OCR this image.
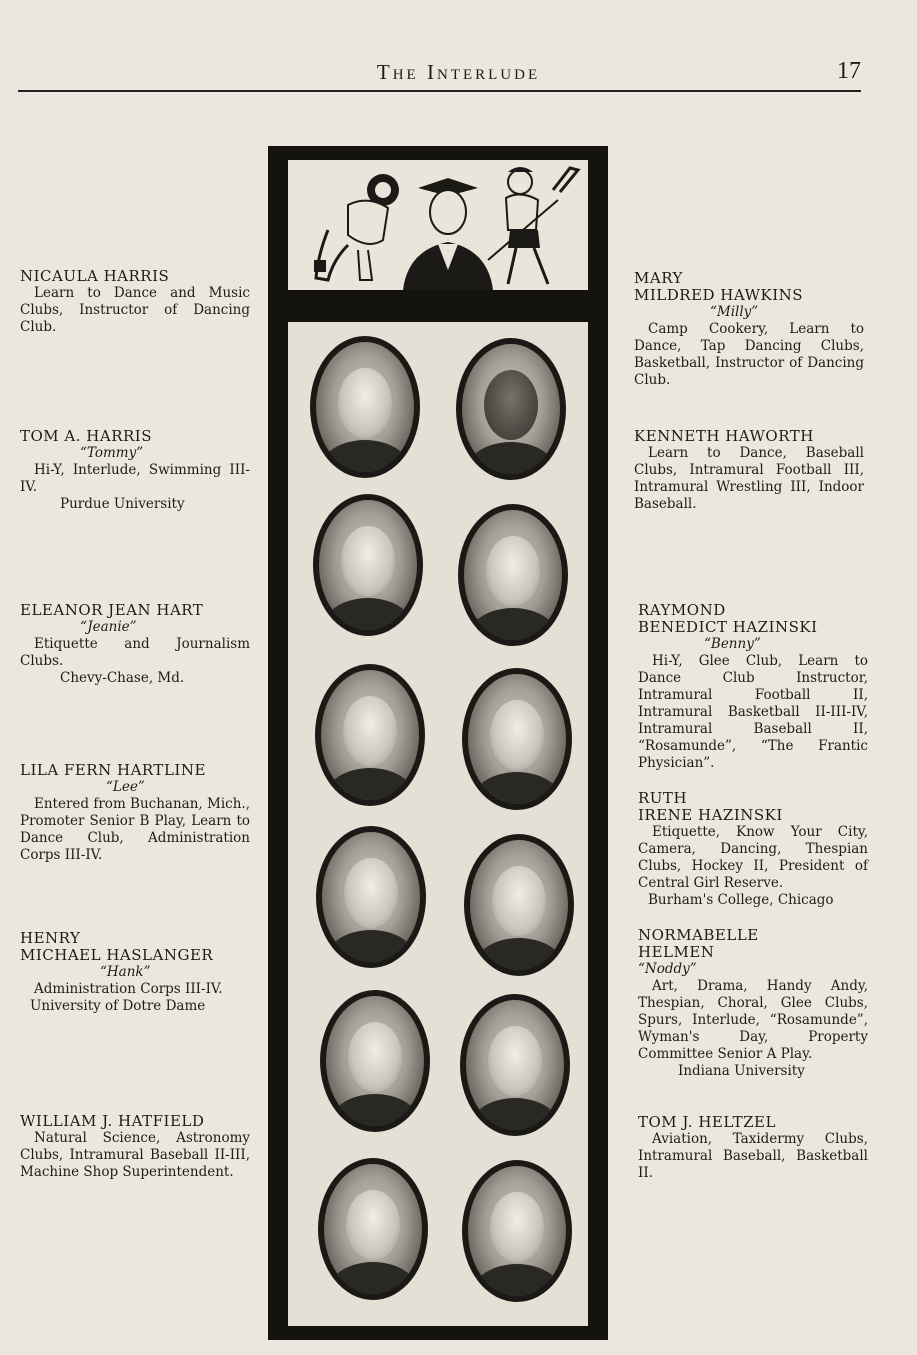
The Interlude	17
NICAULA HARRIS
Learn to Dance and Music Clubs, Instructor of Dancing Club.
TOM A. HARRIS
“Tommy”
Hi-Y, Interlude, Swimming III-IV.
Purdue University
ELEANOR JEAN HART
“Jeanie”
Etiquette and Journalism Clubs.
Chevy-Chase, Md.
LILA FERN HARTLINE
“Lee”
Entered from Buchanan, Mich., Promoter Senior B Play, Learn to Dance Club, Administration Corps III-IV.
HENRY
MICHAEL HASLANGER
“Hank”
Administration Corps III-IV.
University of Dotre Dame
WILLIAM J. HATFIELD
Natural Science, Astronomy Clubs, Intramural Baseball II-III, Machine Shop Superintendent.
MARY
MILDRED HAWKINS
“Milly”
Camp Cookery, Learn to Dance, Tap Dancing Clubs, Basketball, Instructor of Dancing Club.
KENNETH HAWORTH
Learn to Dance, Baseball Clubs, Intramural Football III, Intramural Wrestling III, Indoor Baseball.
RAYMOND
BENEDICT HAZINSKI
“Benny”
Hi-Y, Glee Club, Learn to Dance Club Instructor, Intramural Football II, Intramural Basketball II-III-IV, Intramural Baseball II, “Rosamunde”, “The Frantic Physician”.
RUTH
IRENE HAZINSKI
Etiquette, Know Your City, Camera, Dancing, Thespian Clubs, Hockey II, President of Central Girl Reserve.
Burham's College, Chicago
NORMABELLE
HELMEN
“Noddy”
Art, Drama, Handy Andy, Thespian, Choral, Glee Clubs, Spurs, Interlude, “Rosamunde”, Wyman's Day, Property Committee Senior A Play.
Indiana University
TOM J. HELTZEL
Aviation, Taxidermy Clubs, Intramural Baseball, Basketball II.
